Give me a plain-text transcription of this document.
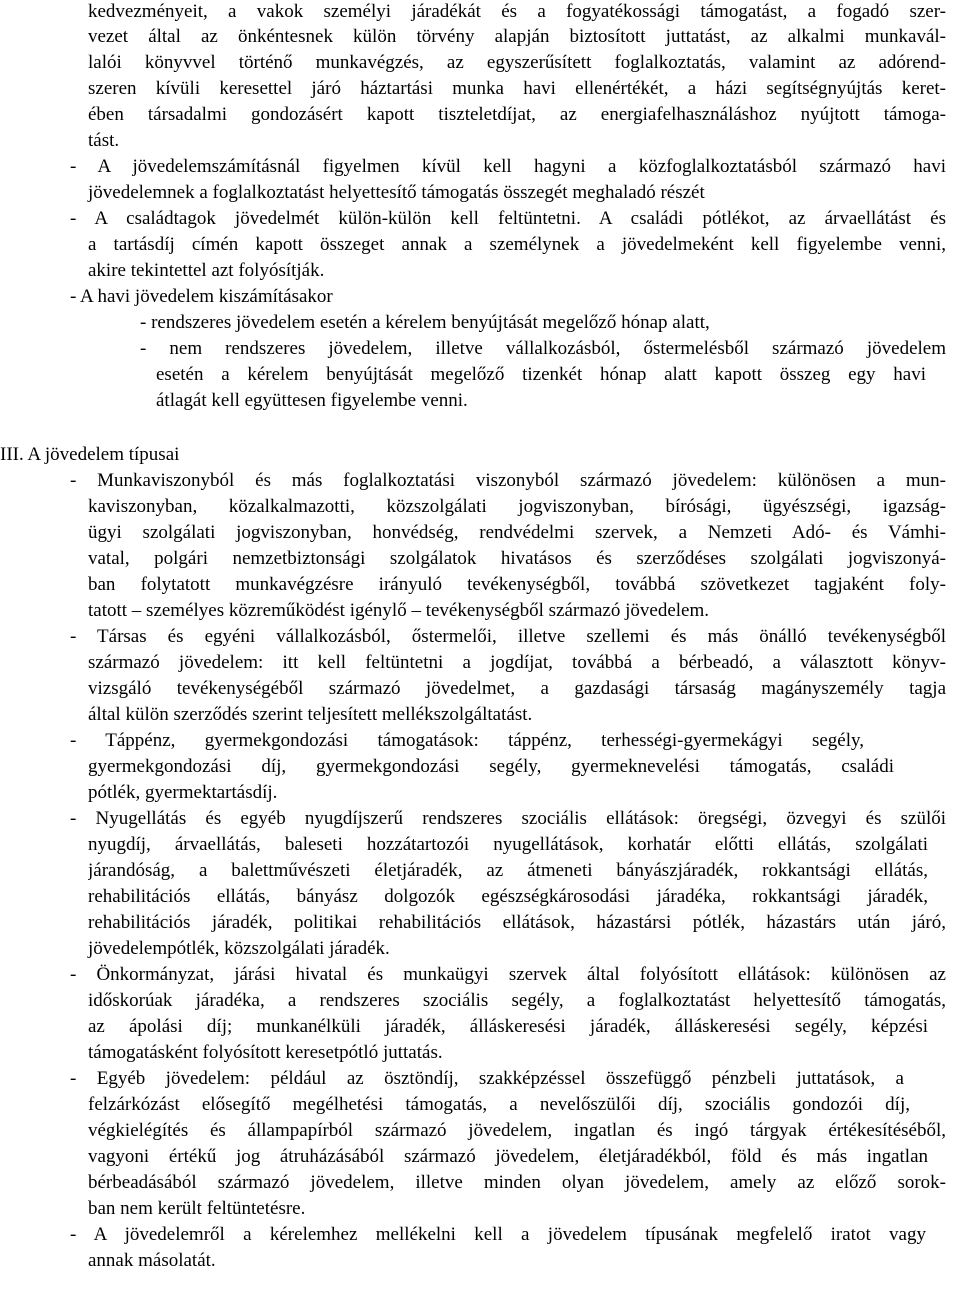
kedvezményeit, a vakok személyi járadékát és a fogyatékossági támogatást, a fogadó szer-
vezet által az önkéntesnek külön törvény alapján biztosított juttatást, az alkalmi munkavál-
lalói könyvvel történő munkavégzés, az egyszerűsített foglalkoztatás, valamint az adórend-
szeren kívüli keresettel járó háztartási munka havi ellenértékét, a házi segítségnyújtás keret-
ében társadalmi gondozásért kapott tiszteletdíjat, az energiafelhasználáshoz nyújtott támoga-
tást.
- A jövedelemszámításnál figyelmen kívül kell hagyni a közfoglalkoztatásból származó havi
jövedelemnek a foglalkoztatást helyettesítő támogatás összegét meghaladó részét
- A családtagok jövedelmét külön-külön kell feltüntetni. A családi pótlékot, az árvaellátást és
a tartásdíj címén kapott összeget annak a személynek a jövedelmeként kell figyelembe venni,
akire tekintettel azt folyósítják.
- A havi jövedelem kiszámításakor
- rendszeres jövedelem esetén a kérelem benyújtását megelőző hónap alatt,
- nem rendszeres jövedelem, illetve vállalkozásból, őstermelésből származó jövedelem
esetén a kérelem benyújtását megelőző tizenkét hónap alatt kapott összeg egy havi
átlagát kell együttesen figyelembe venni.
III. A jövedelem típusai
- Munkaviszonyból és más foglalkoztatási viszonyból származó jövedelem: különösen a mun-
kaviszonyban, közalkalmazotti, közszolgálati jogviszonyban, bírósági, ügyészségi, igazság-
ügyi szolgálati jogviszonyban, honvédség, rendvédelmi szervek, a Nemzeti Adó- és Vámhi-
vatal, polgári nemzetbiztonsági szolgálatok hivatásos és szerződéses szolgálati jogviszonyá-
ban folytatott munkavégzésre irányuló tevékenységből, továbbá szövetkezet tagjaként foly-
tatott – személyes közreműködést igénylő – tevékenységből származó jövedelem.
- Társas és egyéni vállalkozásból, őstermelői, illetve szellemi és más önálló tevékenységből
származó jövedelem: itt kell feltüntetni a jogdíjat, továbbá a bérbeadó, a választott könyv-
vizsgáló tevékenységéből származó jövedelmet, a gazdasági társaság magányszemély tagja
által külön szerződés szerint teljesített mellékszolgáltatást.
- Táppénz, gyermekgondozási támogatások: táppénz, terhességi-gyermekágyi segély,
gyermekgondozási díj, gyermekgondozási segély, gyermeknevelési támogatás, családi
pótlék, gyermektartásdíj.
- Nyugellátás és egyéb nyugdíjszerű rendszeres szociális ellátások: öregségi, özvegyi és szülői
nyugdíj, árvaellátás, baleseti hozzátartozói nyugellátások, korhatár előtti ellátás, szolgálati
járandóság, a balettművészeti életjáradék, az átmeneti bányászjáradék, rokkantsági ellátás,
rehabilitációs ellátás, bányász dolgozók egészségkárosodási járadéka, rokkantsági járadék,
rehabilitációs járadék, politikai rehabilitációs ellátások, házastársi pótlék, házastárs után járó,
jövedelempótlék, közszolgálati járadék.
- Önkormányzat, járási hivatal és munkaügyi szervek által folyósított ellátások: különösen az
időskorúak járadéka, a rendszeres szociális segély, a foglalkoztatást helyettesítő támogatás,
az ápolási díj; munkanélküli járadék, álláskeresési járadék, álláskeresési segély, képzési
támogatásként folyósított keresetpótló juttatás.
- Egyéb jövedelem: például az ösztöndíj, szakképzéssel összefüggő pénzbeli juttatások, a
felzárkózást elősegítő megélhetési támogatás, a nevelőszülői díj, szociális gondozói díj,
végkielégítés és állampapírból származó jövedelem, ingatlan és ingó tárgyak értékesítéséből,
vagyoni értékű jog átruházásából származó jövedelem, életjáradékból, föld és más ingatlan
bérbeadásából származó jövedelem, illetve minden olyan jövedelem, amely az előző sorok-
ban nem került feltüntetésre.
- A jövedelemről a kérelemhez mellékelni kell a jövedelem típusának megfelelő iratot vagy
annak másolatát.
